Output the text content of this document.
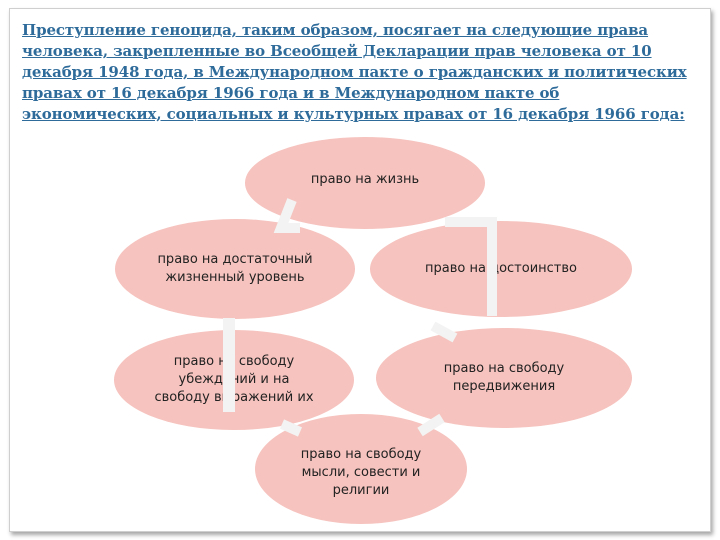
Преступление геноцида, таким образом, посягает на следующие права человека, закрепленные во Всеобщей Декларации прав человека от 10 декабря 1948 года, в Международном пакте о гражданских и политических правах от 16 декабря 1966 года и в Международном пакте об экономических, социальных и культурных правах от 16 декабря 1966 года:

право на жизнь
право на достаточный
жизненный уровень
право на достоинство
право на свободу
убеждений и на
свободу выражений их
право на свободу
передвижения
право на свободу
мысли, совести и
религии
